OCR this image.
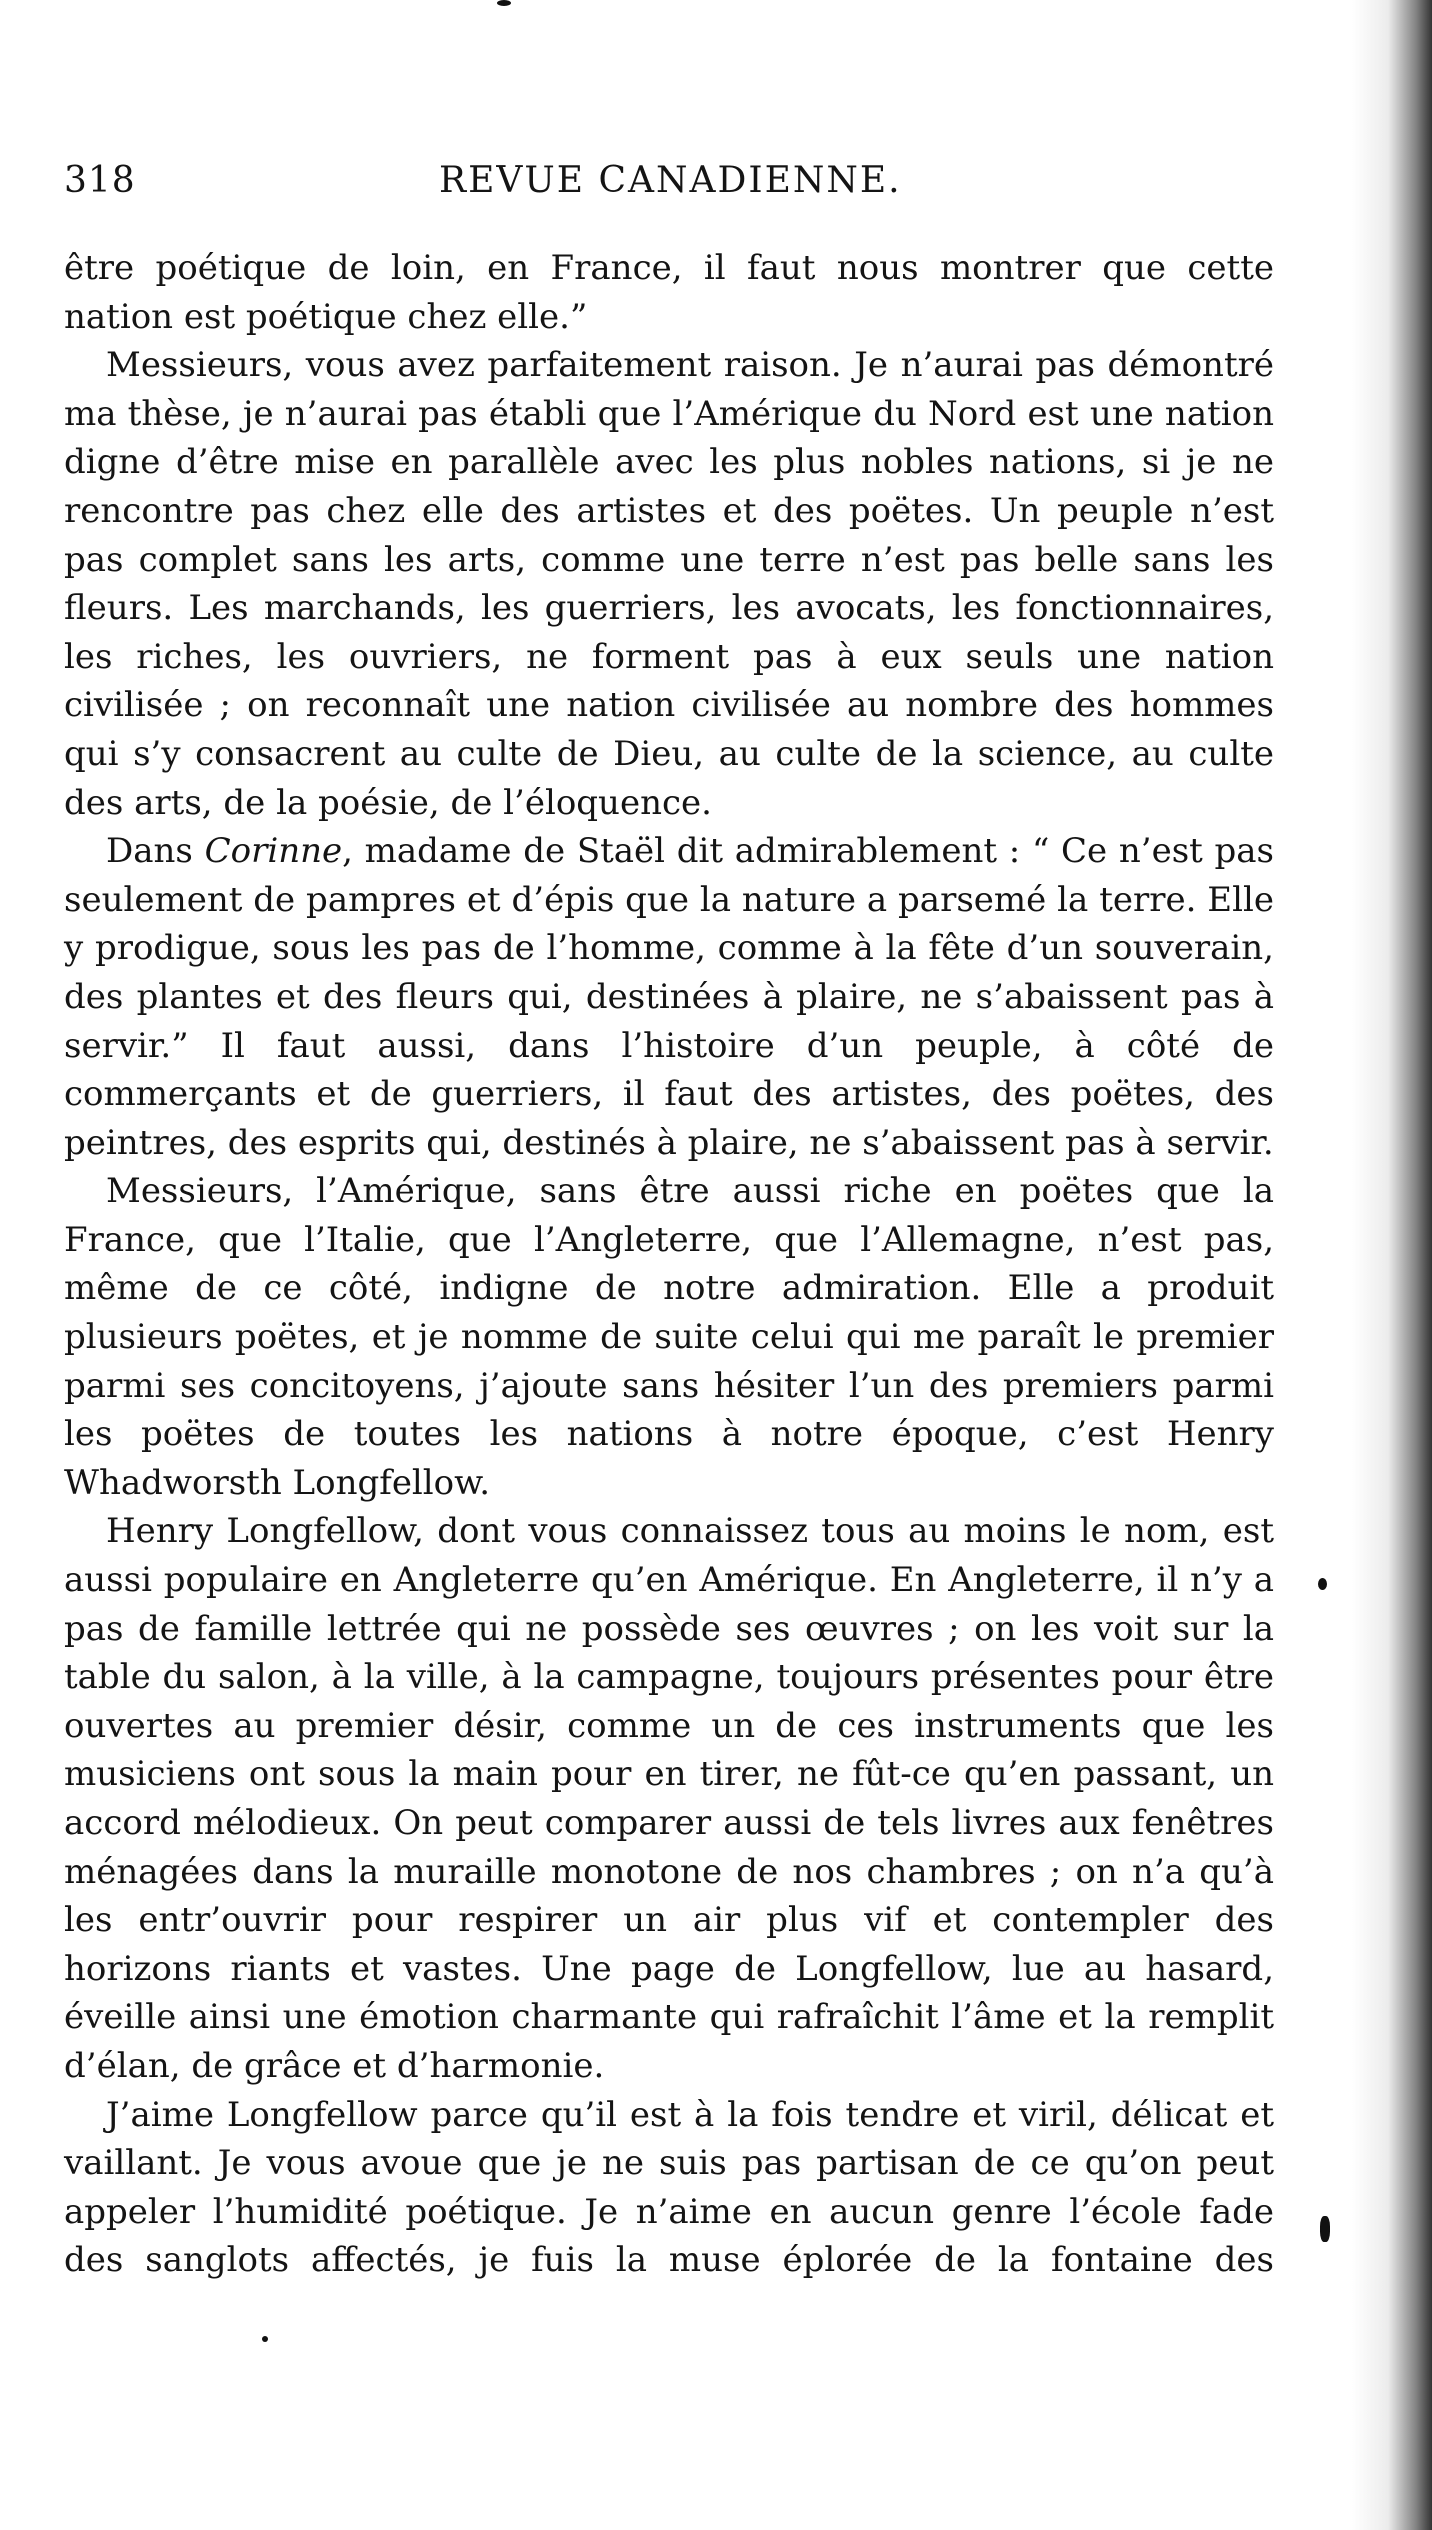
318	REVUE CANADIENNE.

être poétique de loin, en France, il faut nous montrer que cette nation est poétique chez elle.”

Messieurs, vous avez parfaitement raison. Je n’aurai pas démontré ma thèse, je n’aurai pas établi que l’Amérique du Nord est une nation digne d’être mise en parallèle avec les plus nobles nations, si je ne rencontre pas chez elle des artistes et des poëtes. Un peuple n’est pas complet sans les arts, comme une terre n’est pas belle sans les fleurs. Les marchands, les guerriers, les avocats, les fonctionnaires, les riches, les ouvriers, ne forment pas à eux seuls une nation civilisée ; on reconnaît une nation civilisée au nombre des hommes qui s’y consacrent au culte de Dieu, au culte de la science, au culte des arts, de la poésie, de l’éloquence.

Dans Corinne, madame de Staël dit admirablement : “ Ce n’est pas seulement de pampres et d’épis que la nature a parsemé la terre. Elle y prodigue, sous les pas de l’homme, comme à la fête d’un souverain, des plantes et des fleurs qui, destinées à plaire, ne s’abaissent pas à servir.” Il faut aussi, dans l’histoire d’un peuple, à côté de commerçants et de guerriers, il faut des artistes, des poëtes, des peintres, des esprits qui, destinés à plaire, ne s’abaissent pas à servir.

Messieurs, l’Amérique, sans être aussi riche en poëtes que la France, que l’Italie, que l’Angleterre, que l’Allemagne, n’est pas, même de ce côté, indigne de notre admiration. Elle a produit plusieurs poëtes, et je nomme de suite celui qui me paraît le premier parmi ses concitoyens, j’ajoute sans hésiter l’un des premiers parmi les poëtes de toutes les nations à notre époque, c’est Henry Whadworsth Longfellow.

Henry Longfellow, dont vous connaissez tous au moins le nom, est aussi populaire en Angleterre qu’en Amérique. En Angleterre, il n’y a pas de famille lettrée qui ne possède ses œuvres ; on les voit sur la table du salon, à la ville, à la campagne, toujours présentes pour être ouvertes au premier désir, comme un de ces instruments que les musiciens ont sous la main pour en tirer, ne fût-ce qu’en passant, un accord mélodieux. On peut comparer aussi de tels livres aux fenêtres ménagées dans la muraille monotone de nos chambres ; on n’a qu’à les entr’ouvrir pour respirer un air plus vif et contempler des horizons riants et vastes. Une page de Longfellow, lue au hasard, éveille ainsi une émotion charmante qui rafraîchit l’âme et la remplit d’élan, de grâce et d’harmonie.

J’aime Longfellow parce qu’il est à la fois tendre et viril, délicat et vaillant. Je vous avoue que je ne suis pas partisan de ce qu’on peut appeler l’humidité poétique. Je n’aime en aucun genre l’école fade des sanglots affectés, je fuis la muse éplorée de la fontaine des
